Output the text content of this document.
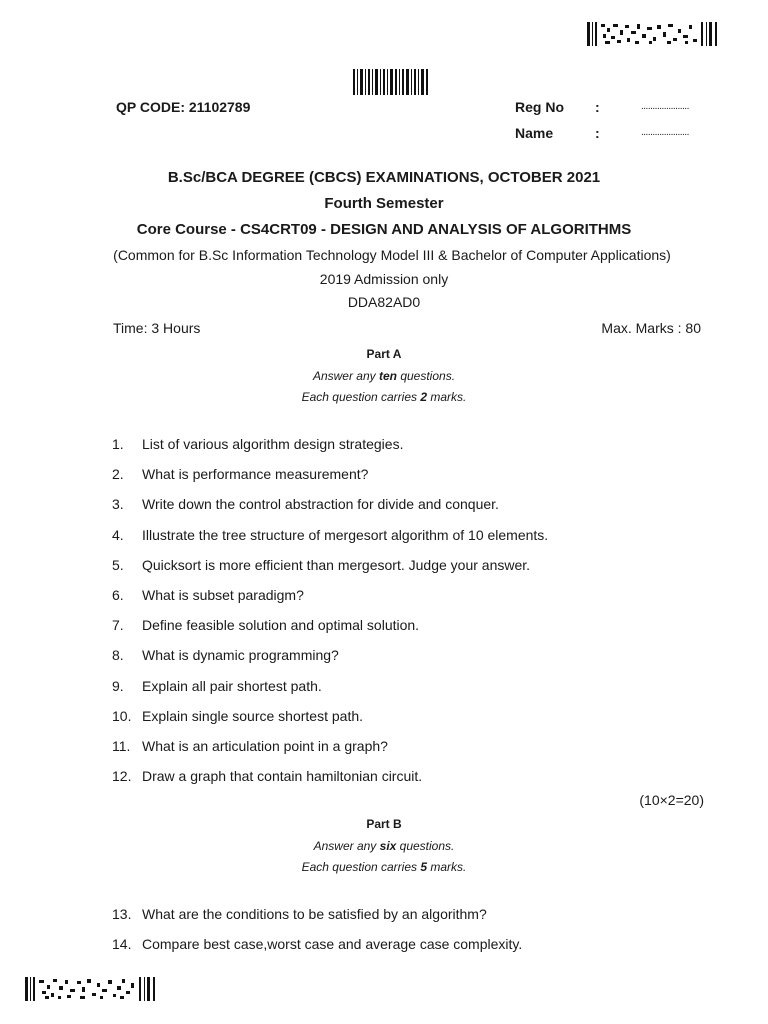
QP CODE: 21102789	Reg No :	.....................
Name	:	.....................
B.Sc/BCA DEGREE (CBCS) EXAMINATIONS, OCTOBER 2021
Fourth Semester
Core Course - CS4CRT09 - DESIGN AND ANALYSIS OF ALGORITHMS
(Common for B.Sc Information Technology Model III & Bachelor of Computer Applications)
2019 Admission only
DDA82AD0
Time: 3 Hours	Max. Marks : 80
Part A
Answer any ten questions.
Each question carries 2 marks.
1. List of various algorithm design strategies.
2. What is performance measurement?
3. Write down the control abstraction for divide and conquer.
4. Illustrate the tree structure of mergesort algorithm of 10 elements.
5. Quicksort is more efficient than mergesort. Judge your answer.
6. What is subset paradigm?
7. Define feasible solution and optimal solution.
8. What is dynamic programming?
9. Explain all pair shortest path.
10. Explain single source shortest path.
11. What is an articulation point in a graph?
12. Draw a graph that contain hamiltonian circuit.
(10×2=20)
Part B
Answer any six questions.
Each question carries 5 marks.
13. What are the conditions to be satisfied by an algorithm?
14. Compare best case,worst case and average case complexity.
